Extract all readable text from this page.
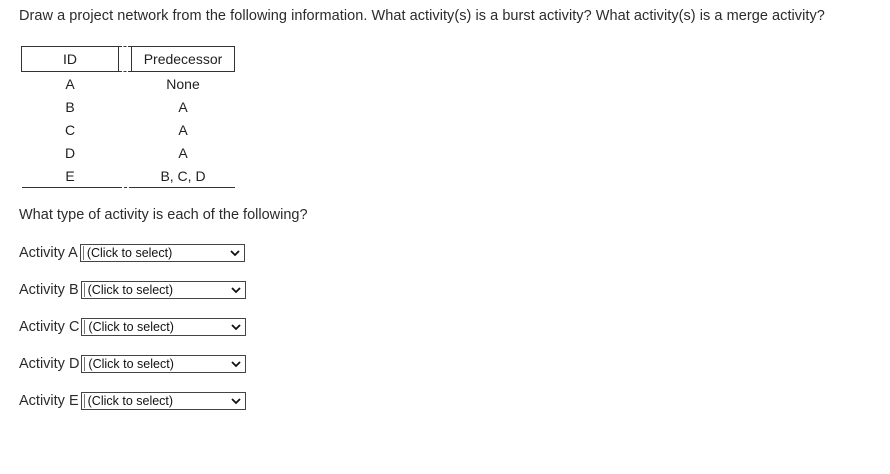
Draw a project network from the following information. What activity(s) is a burst activity? What activity(s) is a merge activity?
ID		Predecessor
A		None
B		A
C		A
D		A
E		B, C, D
What type of activity is each of the following?
Activity A (Click to select)
Activity B (Click to select)
Activity C (Click to select)
Activity D (Click to select)
Activity E (Click to select)
